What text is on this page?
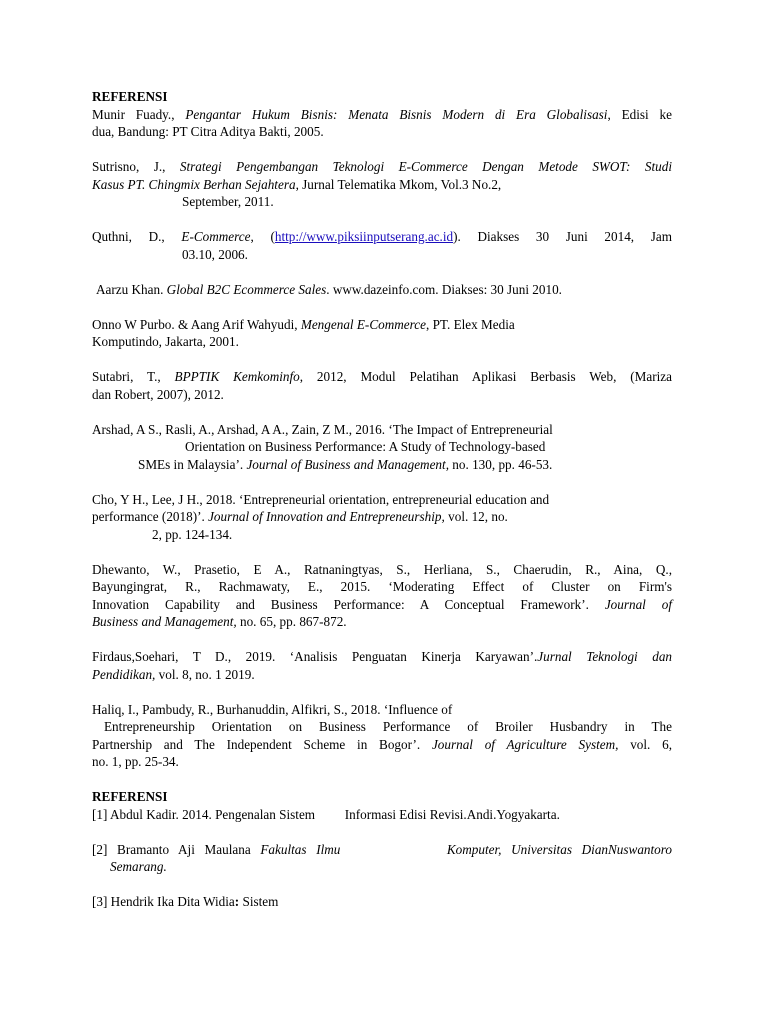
REFERENSI
Munir Fuady., Pengantar Hukum Bisnis: Menata Bisnis Modern di Era Globalisasi, Edisi ke
dua, Bandung: PT Citra Aditya Bakti, 2005.
Sutrisno, J., Strategi Pengembangan Teknologi E-Commerce Dengan Metode SWOT: Studi
Kasus PT. Chingmix Berhan Sejahtera, Jurnal Telematika Mkom, Vol.3 No.2,
September, 2011.
Quthni, D., E-Commerce, (http://www.piksiinputserang.ac.id). Diakses 30 Juni 2014, Jam
03.10, 2006.
Aarzu Khan. Global B2C Ecommerce Sales. www.dazeinfo.com. Diakses: 30 Juni 2010.
Onno W Purbo. & Aang Arif Wahyudi, Mengenal E-Commerce, PT. Elex Media
Komputindo, Jakarta, 2001.
Sutabri, T., BPPTIK Kemkominfo, 2012, Modul Pelatihan Aplikasi Berbasis Web, (Mariza
dan Robert, 2007), 2012.
Arshad, A S., Rasli, A., Arshad, A A., Zain, Z M., 2016. ‘The Impact of Entrepreneurial
Orientation on Business Performance: A Study of Technology-based
SMEs in Malaysia’. Journal of Business and Management, no. 130, pp. 46-53.
Cho, Y H., Lee, J H., 2018. ‘Entrepreneurial orientation, entrepreneurial education and
performance (2018)’. Journal of Innovation and Entrepreneurship, vol. 12, no.
2, pp. 124-134.
Dhewanto, W., Prasetio, E A., Ratnaningtyas, S., Herliana, S., Chaerudin, R., Aina, Q.,
Bayungingrat, R., Rachmawaty, E., 2015. ‘Moderating Effect of Cluster on Firm's
Innovation Capability and Business Performance: A Conceptual Framework’. Journal of
Business and Management, no. 65, pp. 867-872.
Firdaus,Soehari, T D., 2019. ‘Analisis Penguatan Kinerja Karyawan’.Jurnal Teknologi dan
Pendidikan, vol. 8, no. 1 2019.
Haliq, I., Pambudy, R., Burhanuddin, Alfikri, S., 2018. ‘Influence of
Entrepreneurship Orientation on Business Performance of Broiler Husbandry in The
Partnership and The Independent Scheme in Bogor’. Journal of Agriculture System, vol. 6,
no. 1, pp. 25-34.
REFERENSI
[1] Abdul Kadir. 2014. Pengenalan Sistem         Informasi Edisi Revisi.Andi.Yogyakarta.
[2] Bramanto Aji Maulana Fakultas Ilmu           Komputer, Universitas DianNuswantoro
Semarang.
[3] Hendrik Ika Dita Widia: Sistem
